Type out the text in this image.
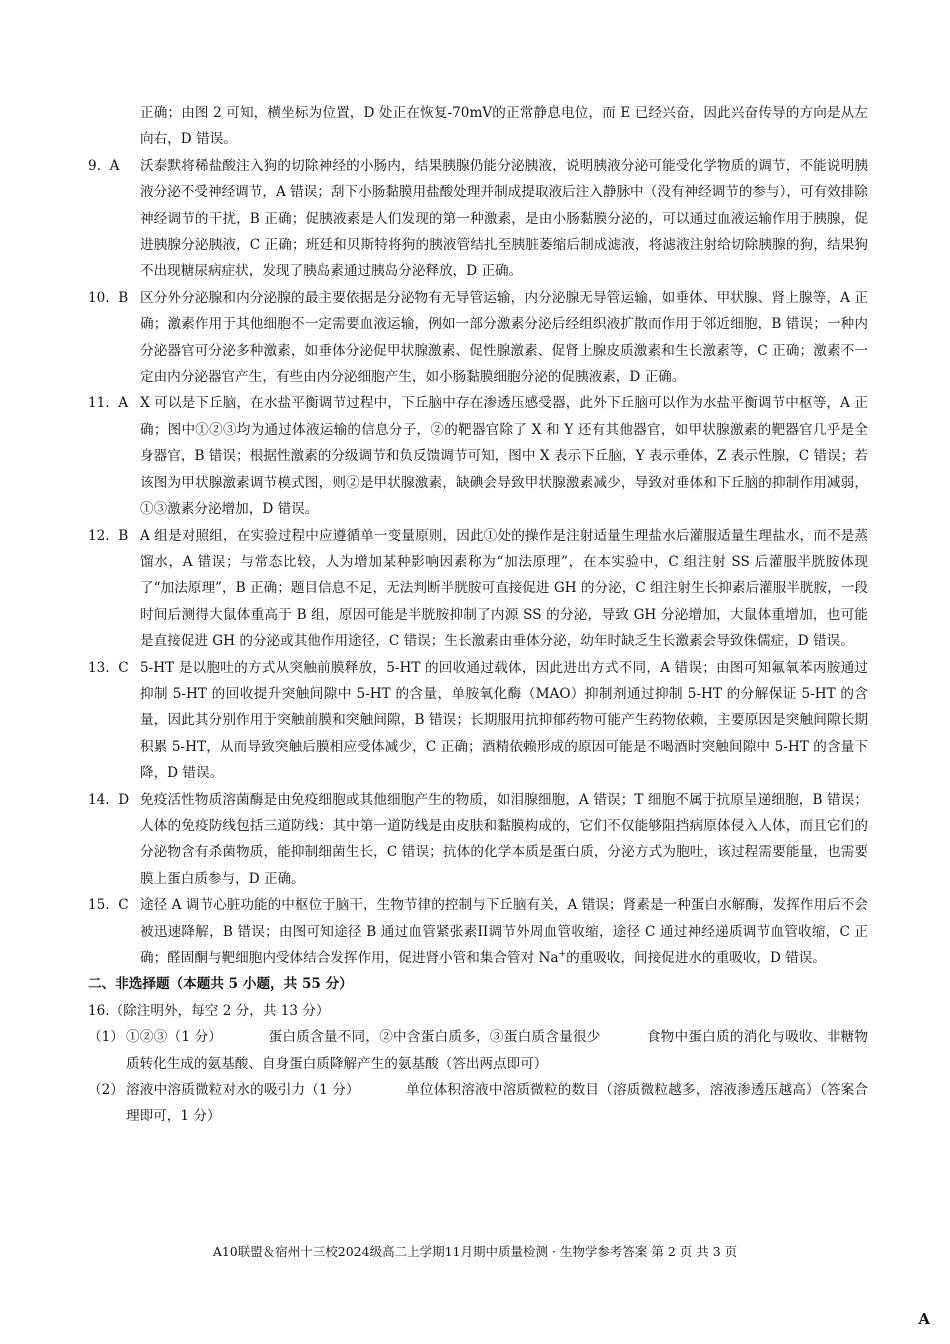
正确；由图 2 可知，横坐标为位置，D 处正在恢复-70mV的正常静息电位，而 E 已经兴奋，因此兴奋传导的方向是从左向右，D 错误。

9. A 沃泰默将稀盐酸注入狗的切除神经的小肠内，结果胰腺仍能分泌胰液，说明胰液分泌可能受化学物质的调节，不能说明胰液分泌不受神经调节，A 错误；刮下小肠黏膜用盐酸处理并制成提取液后注入静脉中（没有神经调节的参与），可有效排除神经调节的干扰，B 正确；促胰液素是人们发现的第一种激素，是由小肠黏膜分泌的，可以通过血液运输作用于胰腺，促进胰腺分泌胰液，C 正确；班廷和贝斯特将狗的胰液管结扎至胰脏萎缩后制成滤液，将滤液注射给切除胰腺的狗，结果狗不出现糖尿病症状，发现了胰岛素通过胰岛分泌释放，D 正确。
10. B 区分外分泌腺和内分泌腺的最主要依据是分泌物有无导管运输，内分泌腺无导管运输，如垂体、甲状腺、肾上腺等，A 正确；激素作用于其他细胞不一定需要血液运输，例如一部分激素分泌后经组织液扩散而作用于邻近细胞，B 错误；一种内分泌器官可分泌多种激素，如垂体分泌促甲状腺激素、促性腺激素、促肾上腺皮质激素和生长激素等，C 正确；激素不一定由内分泌器官产生，有些由内分泌细胞产生，如小肠黏膜细胞分泌的促胰液素，D 正确。
11. A X 可以是下丘脑，在水盐平衡调节过程中，下丘脑中存在渗透压感受器，此外下丘脑可以作为水盐平衡调节中枢等，A 正确；图中①②③均为通过体液运输的信息分子，②的靶器官除了 X 和 Y 还有其他器官，如甲状腺激素的靶器官几乎是全身器官，B 错误；根据性激素的分级调节和负反馈调节可知，图中 X 表示下丘脑，Y 表示垂体，Z 表示性腺，C 错误；若该图为甲状腺激素调节模式图，则②是甲状腺激素，缺碘会导致甲状腺激素减少，导致对垂体和下丘脑的抑制作用减弱，①③激素分泌增加，D 错误。
12. B A 组是对照组，在实验过程中应遵循单一变量原则，因此①处的操作是注射适量生理盐水后灌服适量生理盐水，而不是蒸馏水，A 错误；与常态比较，人为增加某种影响因素称为“加法原理”，在本实验中，C 组注射 SS 后灌服半胱胺体现了“加法原理”，B 正确；题目信息不足，无法判断半胱胺可直接促进 GH 的分泌，C 组注射生长抑素后灌服半胱胺，一段时间后测得大鼠体重高于 B 组，原因可能是半胱胺抑制了内源 SS 的分泌，导致 GH 分泌增加，大鼠体重增加，也可能是直接促进 GH 的分泌或其他作用途径，C 错误；生长激素由垂体分泌，幼年时缺乏生长激素会导致侏儒症，D 错误。
13. C 5-HT 是以胞吐的方式从突触前膜释放，5-HT 的回收通过载体，因此进出方式不同，A 错误；由图可知氟氧苯丙胺通过抑制 5-HT 的回收提升突触间隙中 5-HT 的含量，单胺氧化酶（MAO）抑制剂通过抑制 5-HT 的分解保证 5-HT 的含量，因此其分别作用于突触前膜和突触间隙，B 错误；长期服用抗抑郁药物可能产生药物依赖，主要原因是突触间隙长期积累 5-HT，从而导致突触后膜相应受体减少，C 正确；酒精依赖形成的原因可能是不喝酒时突触间隙中 5-HT 的含量下降，D 错误。
14. D 免疫活性物质溶菌酶是由免疫细胞或其他细胞产生的物质，如泪腺细胞，A 错误；T 细胞不属于抗原呈递细胞，B 错误；人体的免疫防线包括三道防线：其中第一道防线是由皮肤和黏膜构成的，它们不仅能够阻挡病原体侵入人体，而且它们的分泌物含有杀菌物质，能抑制细菌生长，C 错误；抗体的化学本质是蛋白质，分泌方式为胞吐，该过程需要能量，也需要膜上蛋白质参与，D 正确。
15. C 途径 A 调节心脏功能的中枢位于脑干，生物节律的控制与下丘脑有关，A 错误；肾素是一种蛋白水解酶，发挥作用后不会被迅速降解，B 错误；由图可知途径 B 通过血管紧张素II调节外周血管收缩，途径 C 通过神经递质调节血管收缩，C 正确；醛固酮与靶细胞内受体结合发挥作用，促进肾小管和集合管对 Na+的重吸收，间接促进水的重吸收，D 错误。

二、非选择题（本题共 5 小题，共 55 分）

16.（除注明外，每空 2 分，共 13 分）

（1） ①②③（1 分）	蛋白质含量不同，②中含蛋白质多，③蛋白质含量很少	食物中蛋白质的消化与吸收、非糖物质转化生成的氨基酸、自身蛋白质降解产生的氨基酸（答出两点即可）
（2） 溶液中溶质微粒对水的吸引力（1 分）	单位体积溶液中溶质微粒的数目（溶质微粒越多，溶液渗透压越高）（答案合理即可，1 分）
A10联盟＆宿州十三校2024级高二上学期11月期中质量检测 · 生物学参考答案 第 2 页 共 3 页
A
